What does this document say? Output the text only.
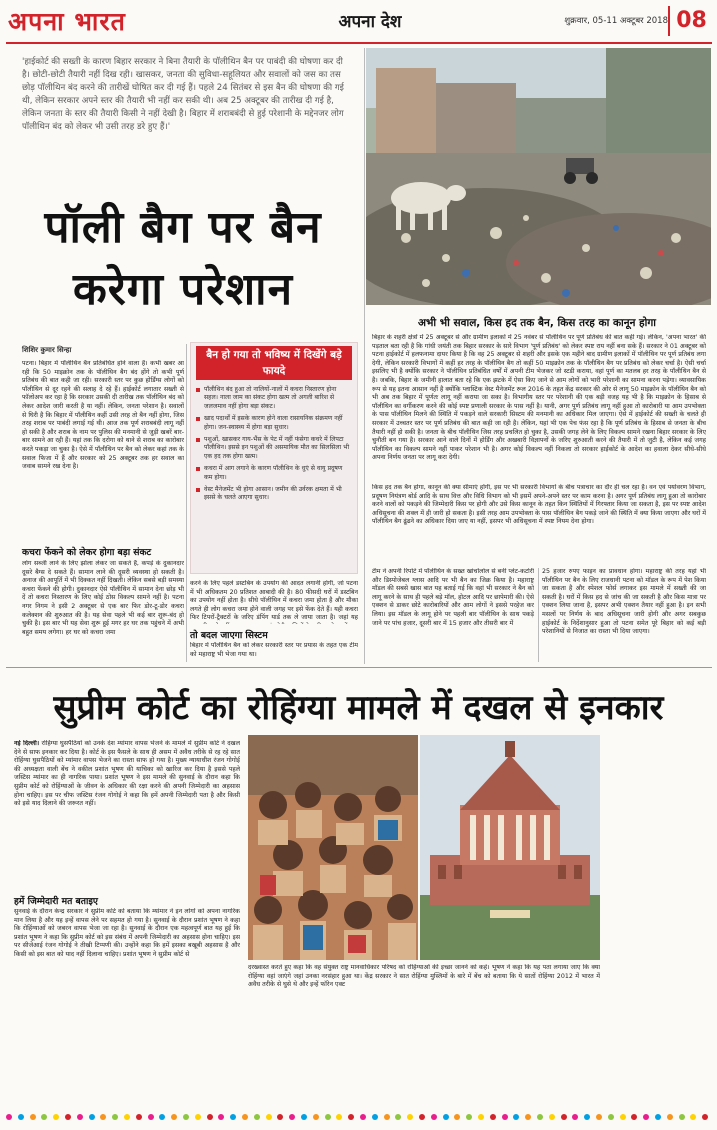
अपना भारत	अपना देश	शुक्रवार, 05-11 अक्टूबर 2018 08
'हाईकोर्ट की सख्ती के कारण बिहार सरकार ने बिना तैयारी के पॉलीथिन बैन पर पाबंदी की घोषणा कर दी है। छोटी-छोटी तैयारी नहीं दिख रही। खासकर, जनता की सुविधा-सहूलियत और सवालों को जस का तस छोड़ पॉलीथिन बंद करने की तारीखें घोषित कर दी गई हैं। पहले 24 सितंबर से इस बैन की घोषणा की गई थी, लेकिन सरकार अपने स्तर की तैयारी भी नहीं कर सकी थी। अब 25 अक्टूबर की तारीख दी गई है, लेकिन जनता के स्तर की तैयारी किसी ने नहीं देखी है। बिहार में शराबबंदी से हुई परेशानी के मद्देनजर लोग पॉलीथिन बंद को लेकर भी उसी तरह डरे हुए हैं।'
पॉली बैग पर बैन
करेगा परेशान
अभी भी सवाल, किस हद तक बैन, किस तरह का कानून होगा
शिशिर कुमार सिन्हा
पटना। बिहार में पॉलीथिन बैन प्रतिबंधित होने वाला है। कभी खबर आ रही कि 50 माइक्रोन तक के पॉलीथिन बैग बंद होंगे तो कभी पूर्ण प्रतिबंध की बात कही जा रही। सरकारी स्तर पर कुछ होर्डिंग्स लोगों को पॉलीथिन से दूर रहने की सलाह दे रहे हैं। हाईकोर्ट लगातार सख्ती से फॉलोअप कर रहा है कि सरकार उसकी दी तारीख तक पॉलीथिन बंद को लेकर आदेश जारी करती है या नहीं। लेकिन, जनता परेशान है। सवालों से घिरी है कि बिहार में पॉलीथिन कहीं उसी तरह तो बैन नहीं होगा, जिस तरह शराब पर पाबंदी लगाई गई थी। आज तक पूर्ण शराबबंदी लागू नहीं हो सकी है और शराब के नाम पर पुलिस की मनमानी से जुड़ी खबरें बार-बार सामने आ रही हैं। यहां तक कि दरोगा को थाने से शराब का कारोबार करते पकड़ा जा चुका है। ऐसे में पॉलीथिन पर बैन को लेकर कहां तक के सवाल फिजा में हैं और सरकार को 25 अक्टूबर तक हर सवाल का जवाब सामने रख देना है।
कचरा फेंकने को लेकर होगा बड़ा संकट
लोग सब्जी लाने के लिए झोला लेकर जा सकते हैं, कपड़े के दुकानदार दूसरे बैग्स दे सकते हैं। सामान लाने की दूसरी व्यवस्था हो सकती है। अनाज की आपूर्ति में भी दिक्कत नहीं दिखती। लेकिन सबसे बड़ी समस्या कचरा फेंकने की होगी। दुकानदार ऐसे पॉलीथिन में सामान देना छोड़ भी दें तो कचरा निस्तारण के लिए कोई ठोस विकल्प सामने नहीं है। पटना नगर निगम ने इसी 2 अक्टूबर से एक बार फिर डोर-टू-डोर कचरा कलेक्शन की शुरुआत की है। यह सेवा पहले भी कई बार शुरू-बंद हो चुकी है। इस बार भी यह सेवा शुरू हुई मगर हर घर तक पहुंचने में अभी बहुत समय लगेगा। हर घर को कचरा जमा
बैन हो गया तो भविष्य में दिखेंगे बड़े फायदे
पॉलीथिन बंद हुआ तो नालियों-नालों में कचरा निस्तारण होना सहल। नाला जाम का संकट होगा खत्म तो अगली बारिश से जलजमाव नहीं होगा बड़ा संकट।
खाद पदार्थों में इसके कारण होने वाला रासायनिक संक्रमण नहीं होगा। जन-स्वास्थ्य में होगा बड़ा सुधार।
पशुओं, खासकर गाय-भैंस के पेट में नहीं फंसेगा कचरे में लिपटा पॉलीथिन। इससे इन पशुओं की असमायिक मौत का सिलसिला भी एक हद तक होगा खत्म।
कचरा में आग लगाने के कारण पॉलीथिन के धुएं से वायु प्रदूषण कम होगा।
वेस्ट मैनेजमेंट भी होगा आसान। जमीन की उर्वरक क्षमता में भी इससे के चलते आएगा सुधार।
करने के लिए पहले डस्टबिन के उपयोग की आदत लगानी होगी, जो पटना में भी अधिकतम 20 प्रतिशत आबादी की है। 80 फीसदी घरों में डस्टबिन का उपयोग नहीं होता है। सीधे पॉलीथिन में कचरा जमा होता है और मौका लगते ही लोग कचरा जमा होने वाली जगह पर इसे फेंक देते हैं। यही कचरा फिर टिपरों-ट्रैक्टरों के जरिए डंपिंग यार्ड तक ले जाया जाता है। जहां यह
तो बदल जाएगा सिस्टम
बिहार में पॉलीथिन बैन को लेकर सरकारी स्तर पर प्रयास के तहत एक टीम को महाराष्ट्र भी भेजा गया था।
बिहार के शहरी क्षेत्रों में 25 अक्टूबर से और ग्रामीण इलाकों में 25 नवंबर से पॉलीथिन पर पूर्ण प्रतिबंध की बात कही गई। लेकिन, 'अपना भारत' की पड़ताल बता रही है कि गांधी जयंती तक बिहार सरकार के सारे विभाग 'पूर्ण प्रतिबंध' को लेकर स्पष्ट राय नहीं बना सके हैं। सरकार ने 01 अक्टूबर को पटना हाईकोर्ट में हलफनामा दायर किया है कि वह 25 अक्टूबर से शहरी और इसके एक महीने बाद ग्रामीण इलाकों में पॉलीथिन पर पूर्ण प्रतिबंध लगा देगी, लेकिन सरकारी विभागों में कहीं हर तरह के पॉलीथिन बैग तो कहीं 50 माइक्रोन तक के पॉलीथिन बैग पर प्रतिबंध को लेकर चर्चा है। ऐसी चर्चा इसलिए भी है क्योंकि सरकार ने पॉलीथिन प्रतिबंधित वर्षों में अपनी टीम भेजकर जो स्टडी कराया, वहां पूर्ण का मतलब हर तरह के पॉलीथिन बैन से है। जबकि, बिहार के जमीनी हालात बता रहे कि एक झटके में ऐसा किए जाने से आम लोगों को भारी परेशानी का सामना करना पड़ेगा। व्यावसायिक रूप से यह इतना आसान नहीं है क्योंकि प्लास्टिक वेस्ट मैनेजमेंट रूल 2016 के तहत केंद्र सरकार की ओर से लागू 50 माइक्रोन के पॉलीथिन बैन को भी अब तक बिहार में पूर्णतः लागू नहीं कराया जा सका है। विभागीय स्तर पर परेशानी की एक बड़ी वजह यह भी है कि माइक्रोन के हिसाब से पॉलीथिन का वर्गीकरण करने की कोई स्पष्ट प्रणाली सरकार के पास नहीं है। यानी, अगर पूर्ण प्रतिबंध लागू नहीं हुआ तो कारोबारी या आम उपभोक्ता के पास पॉलीथिन मिलने की स्थिति में पकड़ने वाले सरकारी सिस्टम की मनमानी का अधिकार मिल जाएगा। ऐसे में हाईकोर्ट की सख्ती के चलते ही सरकार में उच्चतर स्तर पर पूर्ण प्रतिबंध की बात कही जा रही है। लेकिन, यहां भी एक पेच फंस रहा है कि पूर्ण प्रतिबंध के हिसाब से जनता के बीच तैयारी नहीं हो सकी है। जनता के बीच पॉलीथिन जिस तरह प्रचलित हो चुका है, उसकी जगह लेने के लिए विकल्प सामने रखना बिहार सरकार के लिए चुनौती बन गया है। सरकार आने वाले दिनों में होर्डिंग और अखबारी विज्ञापनों के जरिए शुरुआती करने की तैयारी में तो जुटी है, लेकिन कई जगह पॉलीथिन का विकल्प सामने नहीं पाकर परेशान भी है। अगर कोई विकल्प नहीं निकला तो सरकार हाईकोर्ट के आदेश का हवाला देकर सीधे-सीधे अपना निर्णय जनता पर लागू करा देगी।
किस हद तक बैन होगा, कानून की क्या सीमाएं होंगी, इस पर भी सरकारी विभागों के बीच पत्राचार का दौर ही चल रहा है। वन एवं पर्यावरण विभाग, प्रदूषण नियंत्रण बोर्ड आदि के साथ वित्त और विधि विभाग को भी इसमें अपने-अपने स्तर पर काम करना है। अगर पूर्ण प्रतिबंध लागू हुआ तो कारोबार करने वालों को पकड़ने की जिम्मेदारी किस पर होगी और उसे किस कानून के तहत किन स्थितियों में गिरफ्तार किया जा सकता है, इस पर स्पष्ट आदेश अधिसूचना की शक्ल में ही जारी हो सकता है। इसी तरह आम उपभोक्ता के पास पॉलीथिन बैग पकड़े जाने की स्थिति में क्या किया जाएगा और घरों में पॉलीथिन बैग ढूंढने का अधिकार दिया जाए या नहीं, इसपर भी अधिसूचना में स्पष्ट नियम देना होगा।
टीम ने अपनी रिपोर्ट में पॉलीथिन के सख्त खांचोंलोल से बनी प्लेट-कटोरी और डिस्पोजेबल ग्लास आदि पर भी बैन का जिक्र किया है। महाराष्ट्र मॉडल की सबसे खास बात यह बताई गई कि वहां भी सरकार ने बैन को लागू करने के साथ ही पहले बड़े मॉल, होटल आदि पर छापेमारी की। ऐसे एक्शन से डाकर छोटे कारोबारियों और आम लोगों ने इससे परहेज कर लिया। इस मॉडल के लागू होने पर पहली बार पॉलीथिन के साथ पकड़े जाने पर पांच हजार, दूसरी बार में 15 हजार और तीसरी बार में
25 हजार रुपए फाइन का प्रावधान होगा। महाराष्ट्र की तरह यहां भी पॉलीथिन पर बैन के लिए राजधानी पटना को मॉडल के रूप में पेश किया जा सकता है और स्पेशल फोर्स लगाकर इस मामले में सख्ती की जा सकती है। घरों में किस हद से जांच की जा सकती है और किस मात्रा पर एक्शन लिया जाना है, इसपर अभी एक्शन तैयार नहीं हुआ है। इन सभी मसलों पर निर्णय के बाद अधिसूचना जारी होगी और अगर सबकुछ हाईकोर्ट के निर्देशानुसार हुआ तो पटना समेत पूरे बिहार को कई बड़ी परेशानियों से निजात का रास्ता भी दिया जाएगा।
सुप्रीम कोर्ट का रोहिंग्या मामले में दखल से इनकार
नई दिल्ली। रोहिंग्या घुसपैठियों को उनके देश म्यांमार वापस भेजने के मामले में सुप्रीम कोर्ट ने दखल देने से साफ इनकार कर दिया है। कोर्ट के इस फैसले के साथ ही असम में अवैध तरीके से रह रहे सात रोहिंग्या घुसपैठियों को म्यांमार वापस भेजने का रास्ता साफ हो गया है। मुख्य न्यायाधीश रंजन गोगोई की अध्यक्षता वाली बेंच ने वकील प्रशांत भूषण की याचिका को खारिज कर दिया है इससे पहले जस्टिस म्यांमार का ही नागरिक पाया। प्रशांत भूषण ने इस मामले की सुनवाई के दौरान कहा कि सुप्रीम कोर्ट को रोहिंग्याओं के जीवन के अधिकार की रक्षा करने की अपनी जिम्मेदारी का अहसास होना चाहिए। इस पर चीफ जस्टिस रंजन गोगोई ने कहा कि हमें अपनी जिम्मेदारी पता है और किसी को इसे याद दिलाने की जरूरत नहीं।
हमें जिम्मेदारी मत बताइए
सुनवाई के दौरान केन्द्र सरकार ने सुप्रीम कोर्ट को बताया कि म्यांमार ने इन लोगों को अपना नागरिक मान लिया है और यह इन्हें वापस लेने पर सहमत हो गया है। सुनवाई के दौरान प्रशांत भूषण ने कहा कि रोहिंग्याओं को जबरन वापस भेजा जा रहा है। सुनवाई के दौरान एक महत्वपूर्ण बात यह हुई कि प्रशांत भूषण ने कहा कि सुप्रीम कोर्ट को इस संबंध में अपनी जिम्मेदारी का अहसास होना चाहिए। इस पर सीजेआई रंजन गोगोई ने तीखी टिप्पणी की। उन्होंने कहा कि हमें इसका बखूबी अहसास है और किसी को इस बात को याद नहीं दिलाना चाहिए। प्रशांत भूषण ने सुप्रीम कोर्ट से
दरख्वास्त करते हुए कहा कि वह संयुक्त राष्ट्र मानवाधिकार परिषद को रोहिंग्याओं की इच्छा जानने को कहे। भूषण ने कहा कि यह पता लगाया जाए कि क्या रोहिंग्या वहां जाएंगे जहां उनका नरसंहार हुआ था। केंद्र सरकार ने सात रोहिंग्या मुस्लिमों के बारे में बेंच को बताया कि ये सातों रोहिंग्या 2012 में भारत में अवैध तरीके से घुसे थे और इन्हें फॉरेन एक्ट
